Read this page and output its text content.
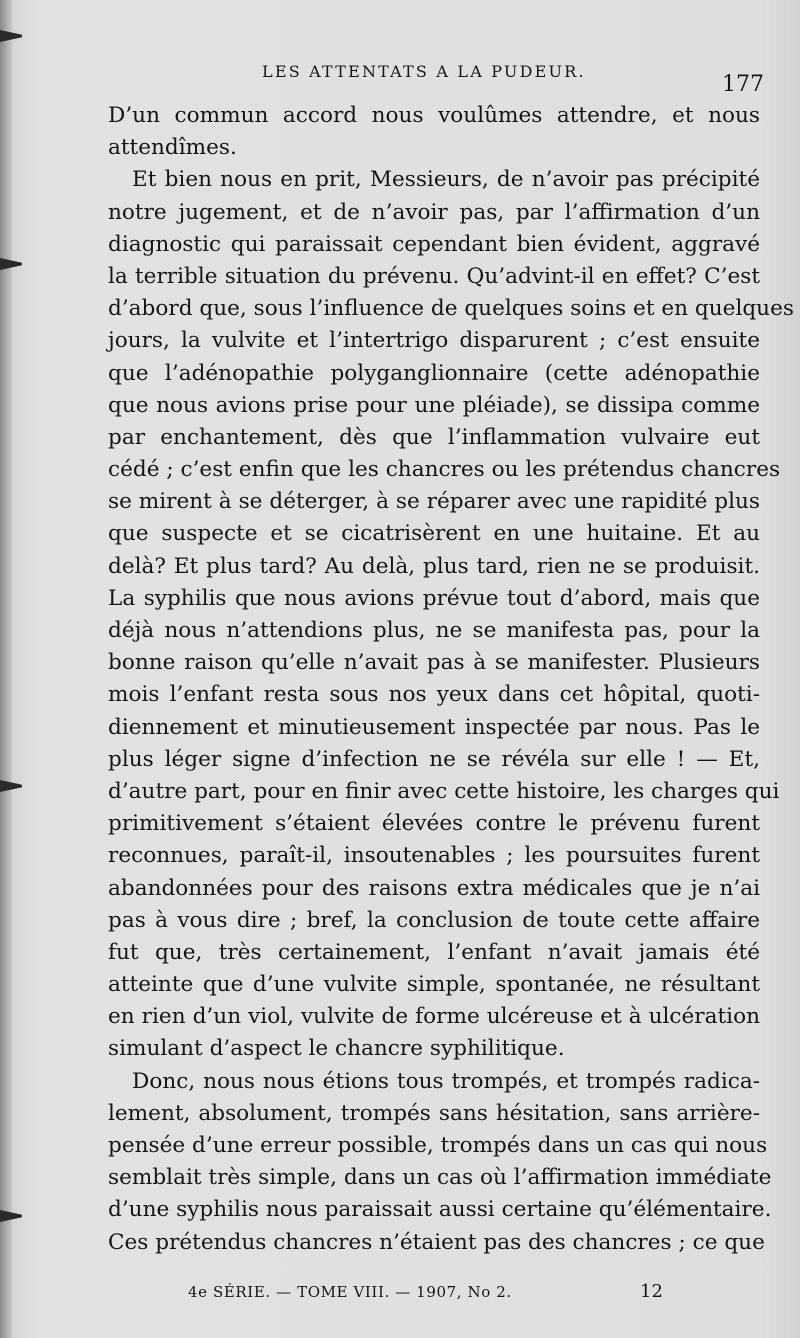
LES ATTENTATS A LA PUDEUR.
177
D’un commun accord nous voulûmes attendre, et nous
attendîmes.
Et bien nous en prit, Messieurs, de n’avoir pas précipité
notre jugement, et de n’avoir pas, par l’affirmation d’un
diagnostic qui paraissait cependant bien évident, aggravé
la terrible situation du prévenu. Qu’advint-il en effet? C’est
d’abord que, sous l’influence de quelques soins et en quelques
jours, la vulvite et l’intertrigo disparurent ; c’est ensuite
que l’adénopathie polyganglionnaire (cette adénopathie
que nous avions prise pour une pléiade), se dissipa comme
par enchantement, dès que l’inflammation vulvaire eut
cédé ; c’est enfin que les chancres ou les prétendus chancres
se mirent à se déterger, à se réparer avec une rapidité plus
que suspecte et se cicatrisèrent en une huitaine. Et au
delà? Et plus tard? Au delà, plus tard, rien ne se produisit.
La syphilis que nous avions prévue tout d’abord, mais que
déjà nous n’attendions plus, ne se manifesta pas, pour la
bonne raison qu’elle n’avait pas à se manifester. Plusieurs
mois l’enfant resta sous nos yeux dans cet hôpital, quoti-
diennement et minutieusement inspectée par nous. Pas le
plus léger signe d’infection ne se révéla sur elle ! — Et,
d’autre part, pour en finir avec cette histoire, les charges qui
primitivement s’étaient élevées contre le prévenu furent
reconnues, paraît-il, insoutenables ; les poursuites furent
abandonnées pour des raisons extra médicales que je n’ai
pas à vous dire ; bref, la conclusion de toute cette affaire
fut que, très certainement, l’enfant n’avait jamais été
atteinte que d’une vulvite simple, spontanée, ne résultant
en rien d’un viol, vulvite de forme ulcéreuse et à ulcération
simulant d’aspect le chancre syphilitique.
Donc, nous nous étions tous trompés, et trompés radica-
lement, absolument, trompés sans hésitation, sans arrière-
pensée d’une erreur possible, trompés dans un cas qui nous
semblait très simple, dans un cas où l’affirmation immédiate
d’une syphilis nous paraissait aussi certaine qu’élémentaire.
Ces prétendus chancres n’étaient pas des chancres ; ce que
4e SÉRIE. — TOME VIII. — 1907, No 2.	12
